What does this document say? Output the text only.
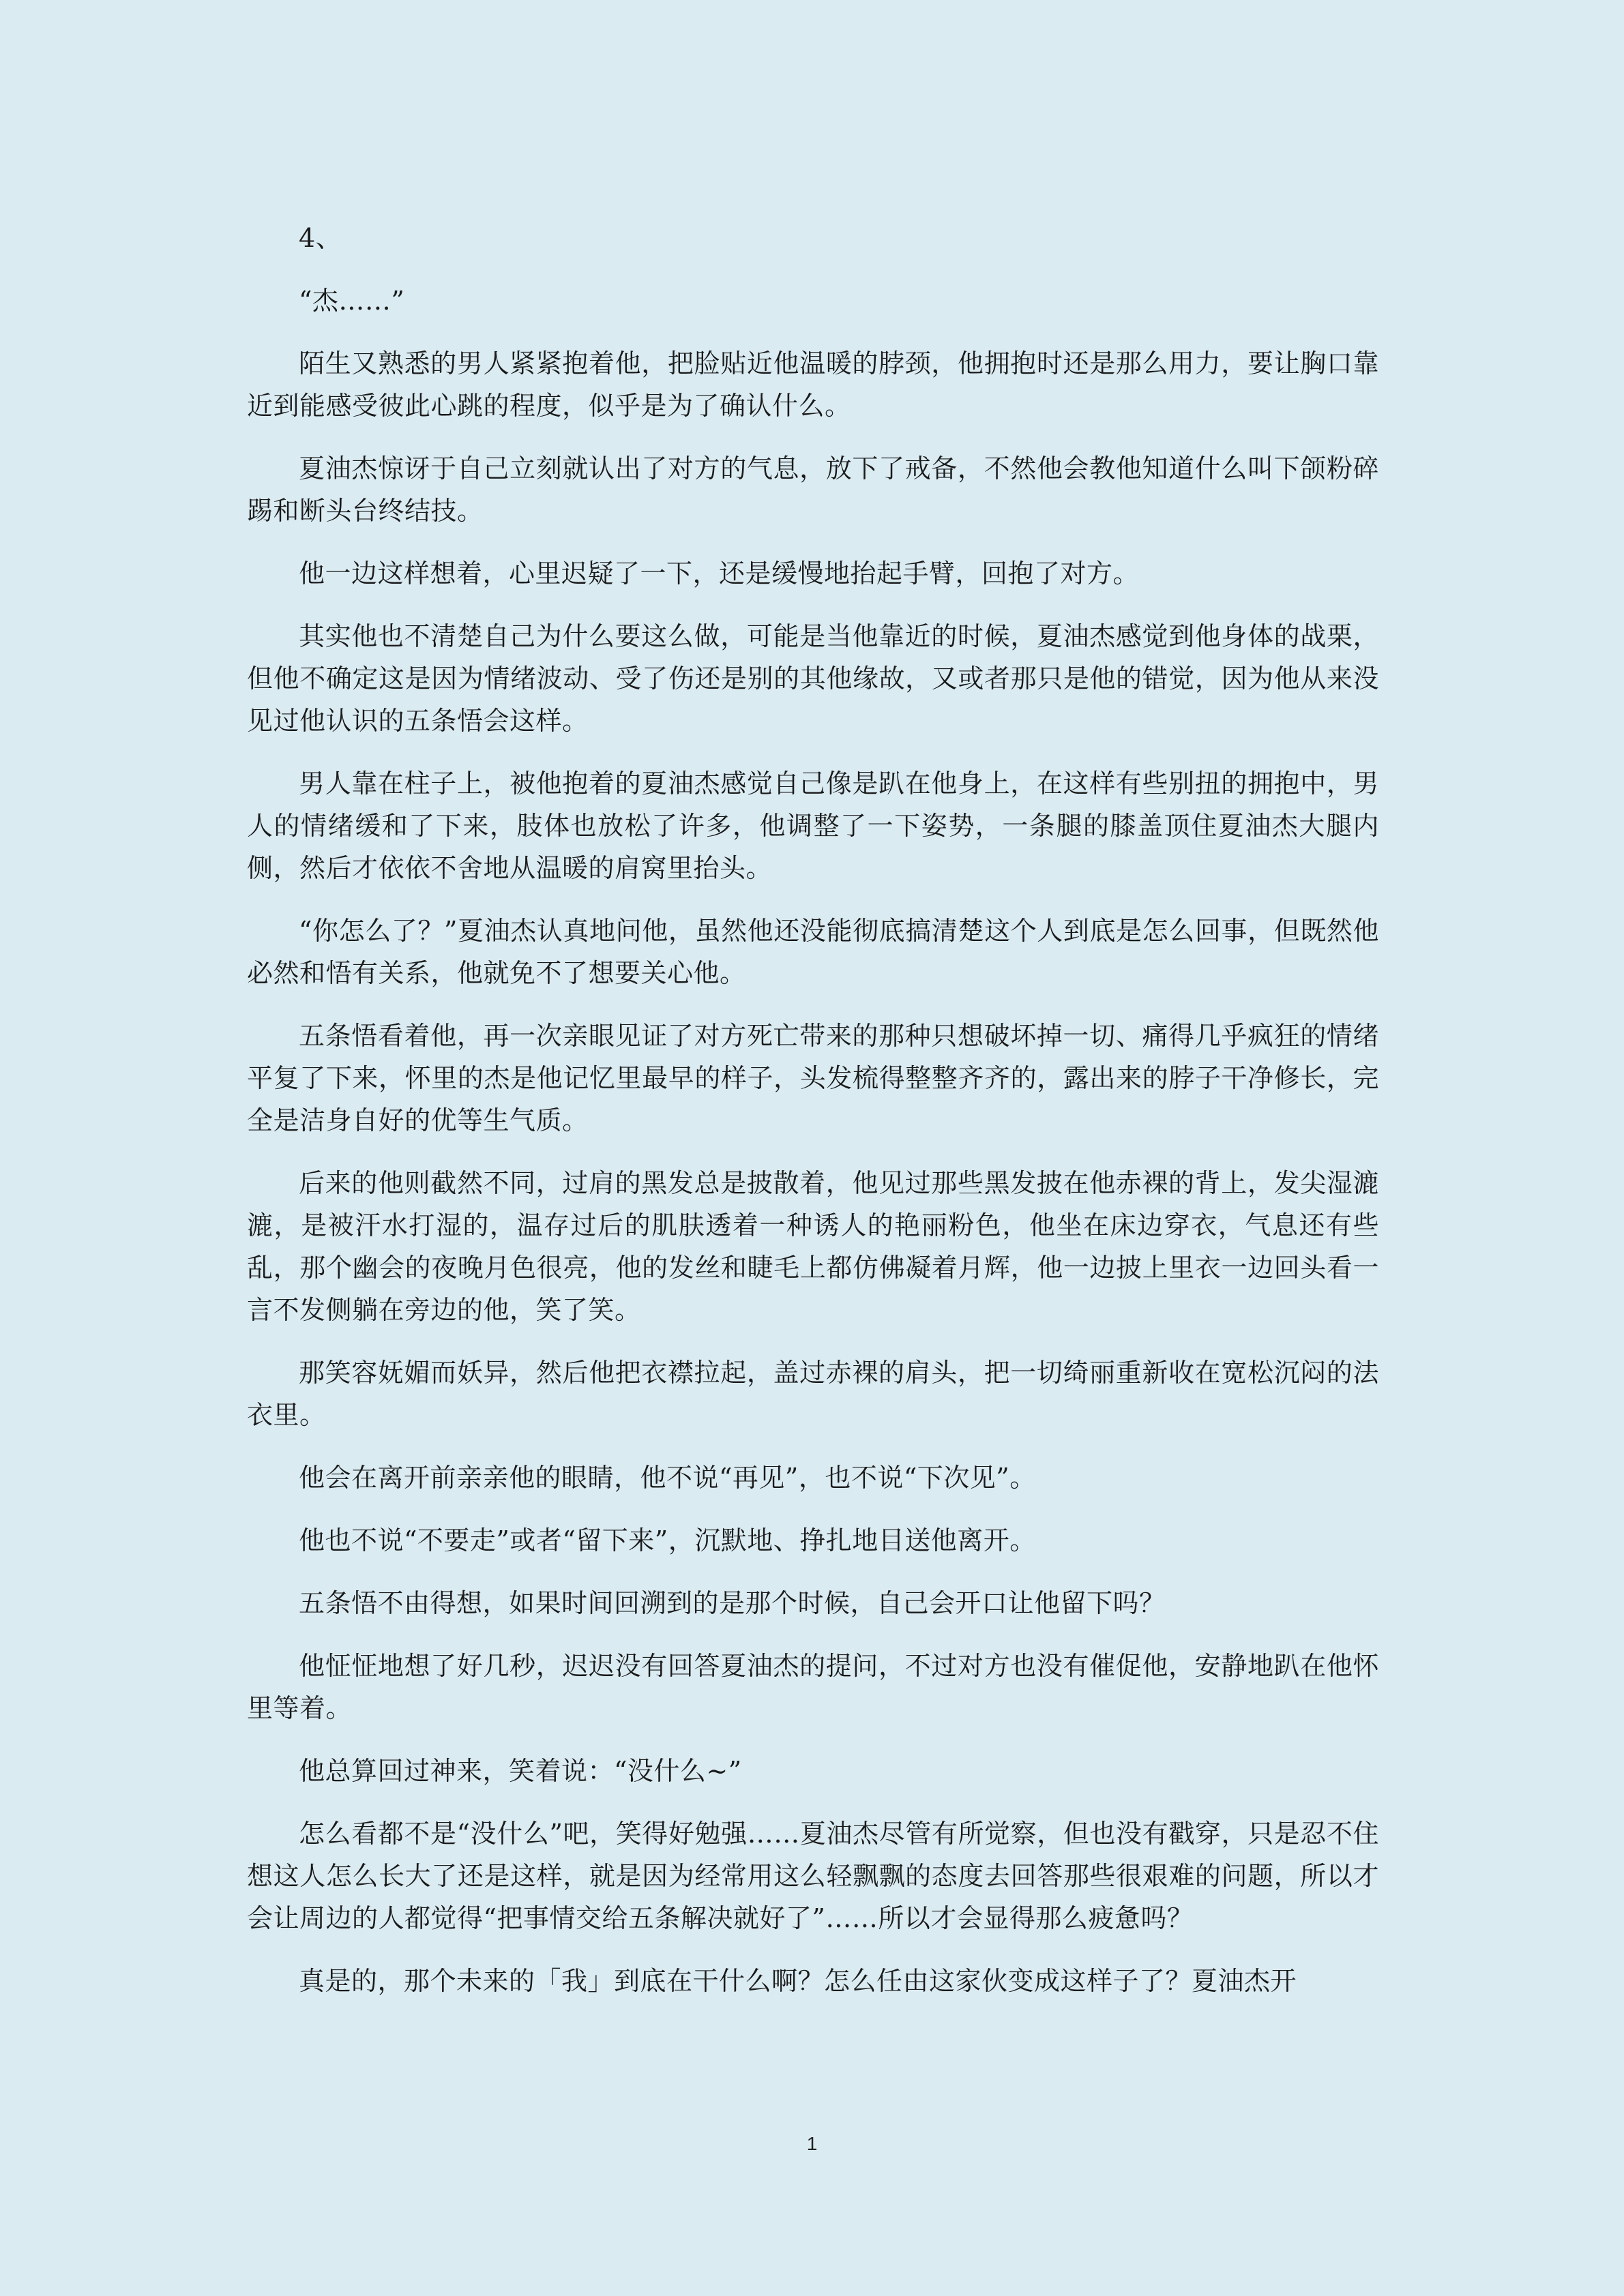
4、

“杰……”

陌生又熟悉的男人紧紧抱着他，把脸贴近他温暖的脖颈，他拥抱时还是那么用力，要让胸口靠近到能感受彼此心跳的程度，似乎是为了确认什么。

夏油杰惊讶于自己立刻就认出了对方的气息，放下了戒备，不然他会教他知道什么叫下颌粉碎踢和断头台终结技。

他一边这样想着，心里迟疑了一下，还是缓慢地抬起手臂，回抱了对方。

其实他也不清楚自己为什么要这么做，可能是当他靠近的时候，夏油杰感觉到他身体的战栗，但他不确定这是因为情绪波动、受了伤还是别的其他缘故，又或者那只是他的错觉，因为他从来没见过他认识的五条悟会这样。

男人靠在柱子上，被他抱着的夏油杰感觉自己像是趴在他身上，在这样有些别扭的拥抱中，男人的情绪缓和了下来，肢体也放松了许多，他调整了一下姿势，一条腿的膝盖顶住夏油杰大腿内侧，然后才依依不舍地从温暖的肩窝里抬头。

“你怎么了？”夏油杰认真地问他，虽然他还没能彻底搞清楚这个人到底是怎么回事，但既然他必然和悟有关系，他就免不了想要关心他。

五条悟看着他，再一次亲眼见证了对方死亡带来的那种只想破坏掉一切、痛得几乎疯狂的情绪平复了下来，怀里的杰是他记忆里最早的样子，头发梳得整整齐齐的，露出来的脖子干净修长，完全是洁身自好的优等生气质。

后来的他则截然不同，过肩的黑发总是披散着，他见过那些黑发披在他赤裸的背上，发尖湿漉漉，是被汗水打湿的，温存过后的肌肤透着一种诱人的艳丽粉色，他坐在床边穿衣，气息还有些乱，那个幽会的夜晚月色很亮，他的发丝和睫毛上都仿佛凝着月辉，他一边披上里衣一边回头看一言不发侧躺在旁边的他，笑了笑。

那笑容妩媚而妖异，然后他把衣襟拉起，盖过赤裸的肩头，把一切绮丽重新收在宽松沉闷的法衣里。

他会在离开前亲亲他的眼睛，他不说“再见”，也不说“下次见”。

他也不说“不要走”或者“留下来”，沉默地、挣扎地目送他离开。

五条悟不由得想，如果时间回溯到的是那个时候，自己会开口让他留下吗？

他怔怔地想了好几秒，迟迟没有回答夏油杰的提问，不过对方也没有催促他，安静地趴在他怀里等着。

他总算回过神来，笑着说：“没什么~”

怎么看都不是“没什么”吧，笑得好勉强……夏油杰尽管有所觉察，但也没有戳穿，只是忍不住想这人怎么长大了还是这样，就是因为经常用这么轻飘飘的态度去回答那些很艰难的问题，所以才会让周边的人都觉得“把事情交给五条解决就好了”……所以才会显得那么疲惫吗？

真是的，那个未来的「我」到底在干什么啊？怎么任由这家伙变成这样子了？夏油杰开

1
